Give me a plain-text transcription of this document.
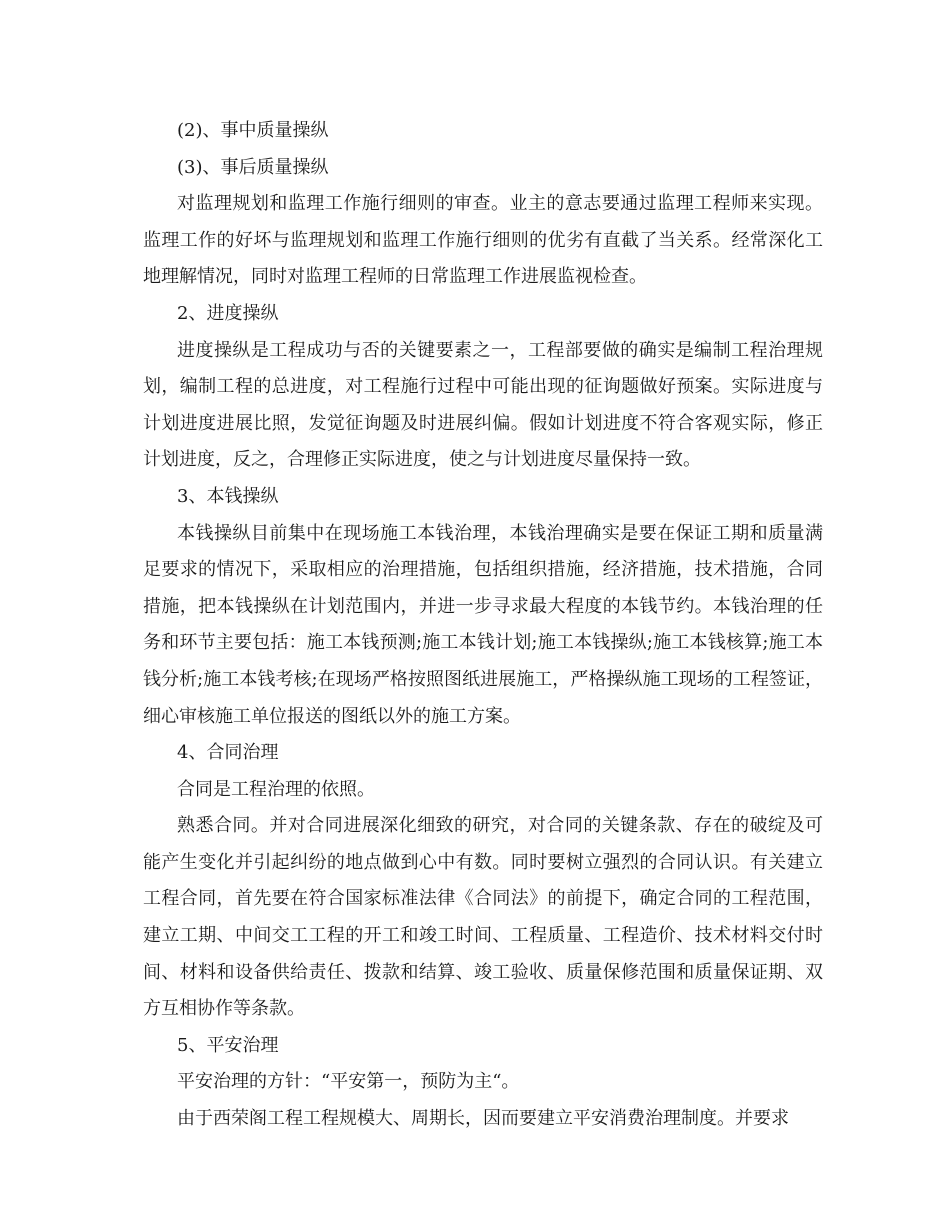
(2)、事中质量操纵

(3)、事后质量操纵

对监理规划和监理工作施行细则的审查。业主的意志要通过监理工程师来实现。监理工作的好坏与监理规划和监理工作施行细则的优劣有直截了当关系。经常深化工地理解情况，同时对监理工程师的日常监理工作进展监视检查。

2、进度操纵

进度操纵是工程成功与否的关键要素之一，工程部要做的确实是编制工程治理规划，编制工程的总进度，对工程施行过程中可能出现的征询题做好预案。实际进度与计划进度进展比照，发觉征询题及时进展纠偏。假如计划进度不符合客观实际，修正计划进度，反之，合理修正实际进度，使之与计划进度尽量保持一致。

3、本钱操纵

本钱操纵目前集中在现场施工本钱治理，本钱治理确实是要在保证工期和质量满足要求的情况下，采取相应的治理措施，包括组织措施，经济措施，技术措施，合同措施，把本钱操纵在计划范围内，并进一步寻求最大程度的本钱节约。本钱治理的任务和环节主要包括：施工本钱预测;施工本钱计划;施工本钱操纵;施工本钱核算;施工本钱分析;施工本钱考核;在现场严格按照图纸进展施工，严格操纵施工现场的工程签证，细心审核施工单位报送的图纸以外的施工方案。

4、合同治理

合同是工程治理的依照。

熟悉合同。并对合同进展深化细致的研究，对合同的关键条款、存在的破绽及可能产生变化并引起纠纷的地点做到心中有数。同时要树立强烈的合同认识。有关建立工程合同，首先要在符合国家标准法律《合同法》的前提下，确定合同的工程范围，建立工期、中间交工工程的开工和竣工时间、工程质量、工程造价、技术材料交付时间、材料和设备供给责任、拨款和结算、竣工验收、质量保修范围和质量保证期、双方互相协作等条款。

5、平安治理

平安治理的方针：“平安第一，预防为主“。

由于西荣阁工程工程规模大、周期长，因而要建立平安消费治理制度。并要求
